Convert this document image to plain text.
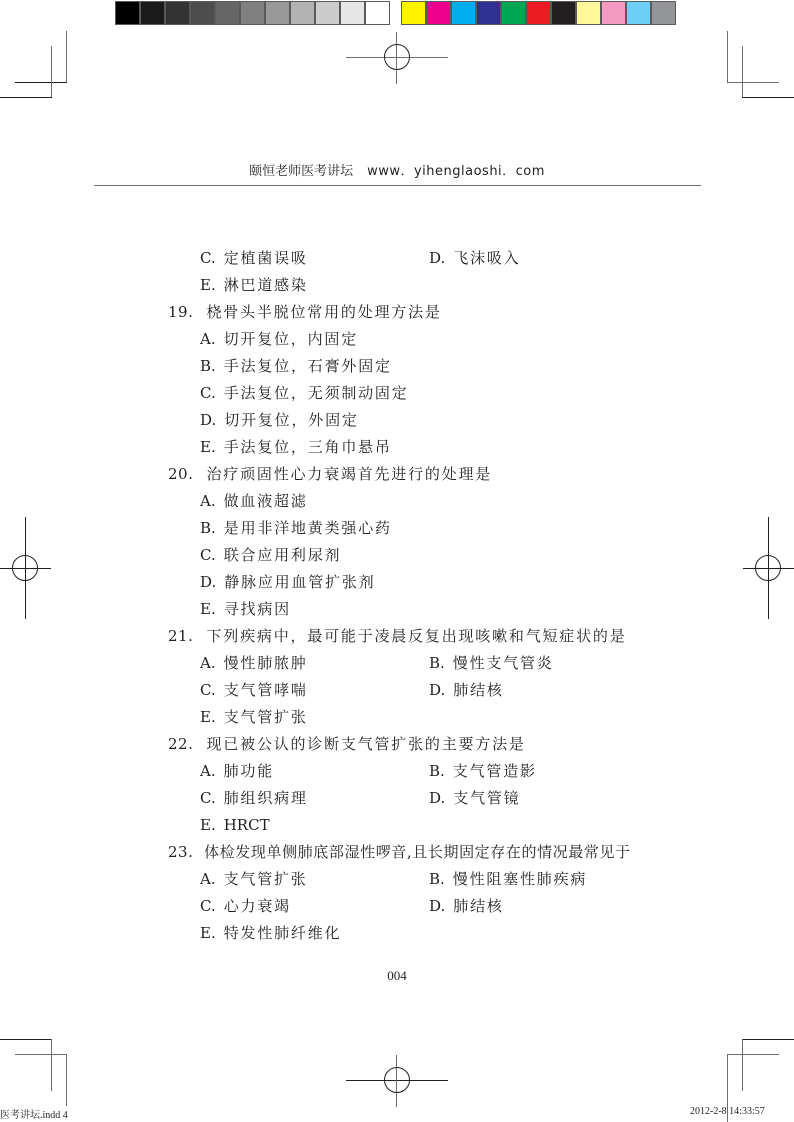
颐恒老师医考讲坛 www．yihenglaoshi．com
C. 定植菌误吸	D. 飞沫吸入
E. 淋巴道感染
19. 桡骨头半脱位常用的处理方法是
A. 切开复位，内固定
B. 手法复位，石膏外固定
C. 手法复位，无须制动固定
D. 切开复位，外固定
E. 手法复位，三角巾悬吊
20. 治疗顽固性心力衰竭首先进行的处理是
A. 做血液超滤
B. 是用非洋地黄类强心药
C. 联合应用利尿剂
D. 静脉应用血管扩张剂
E. 寻找病因
21. 下列疾病中，最可能于凌晨反复出现咳嗽和气短症状的是
A. 慢性肺脓肿	B. 慢性支气管炎
C. 支气管哮喘	D. 肺结核
E. 支气管扩张
22. 现已被公认的诊断支气管扩张的主要方法是
A. 肺功能	B. 支气管造影
C. 肺组织病理	D. 支气管镜
E. HRCT
23. 体检发现单侧肺底部湿性啰音,且长期固定存在的情况最常见于
A. 支气管扩张	B. 慢性阻塞性肺疾病
C. 心力衰竭	D. 肺结核
E. 特发性肺纤维化
004
医考讲坛.indd 4	2012-2-8 14:33:57
